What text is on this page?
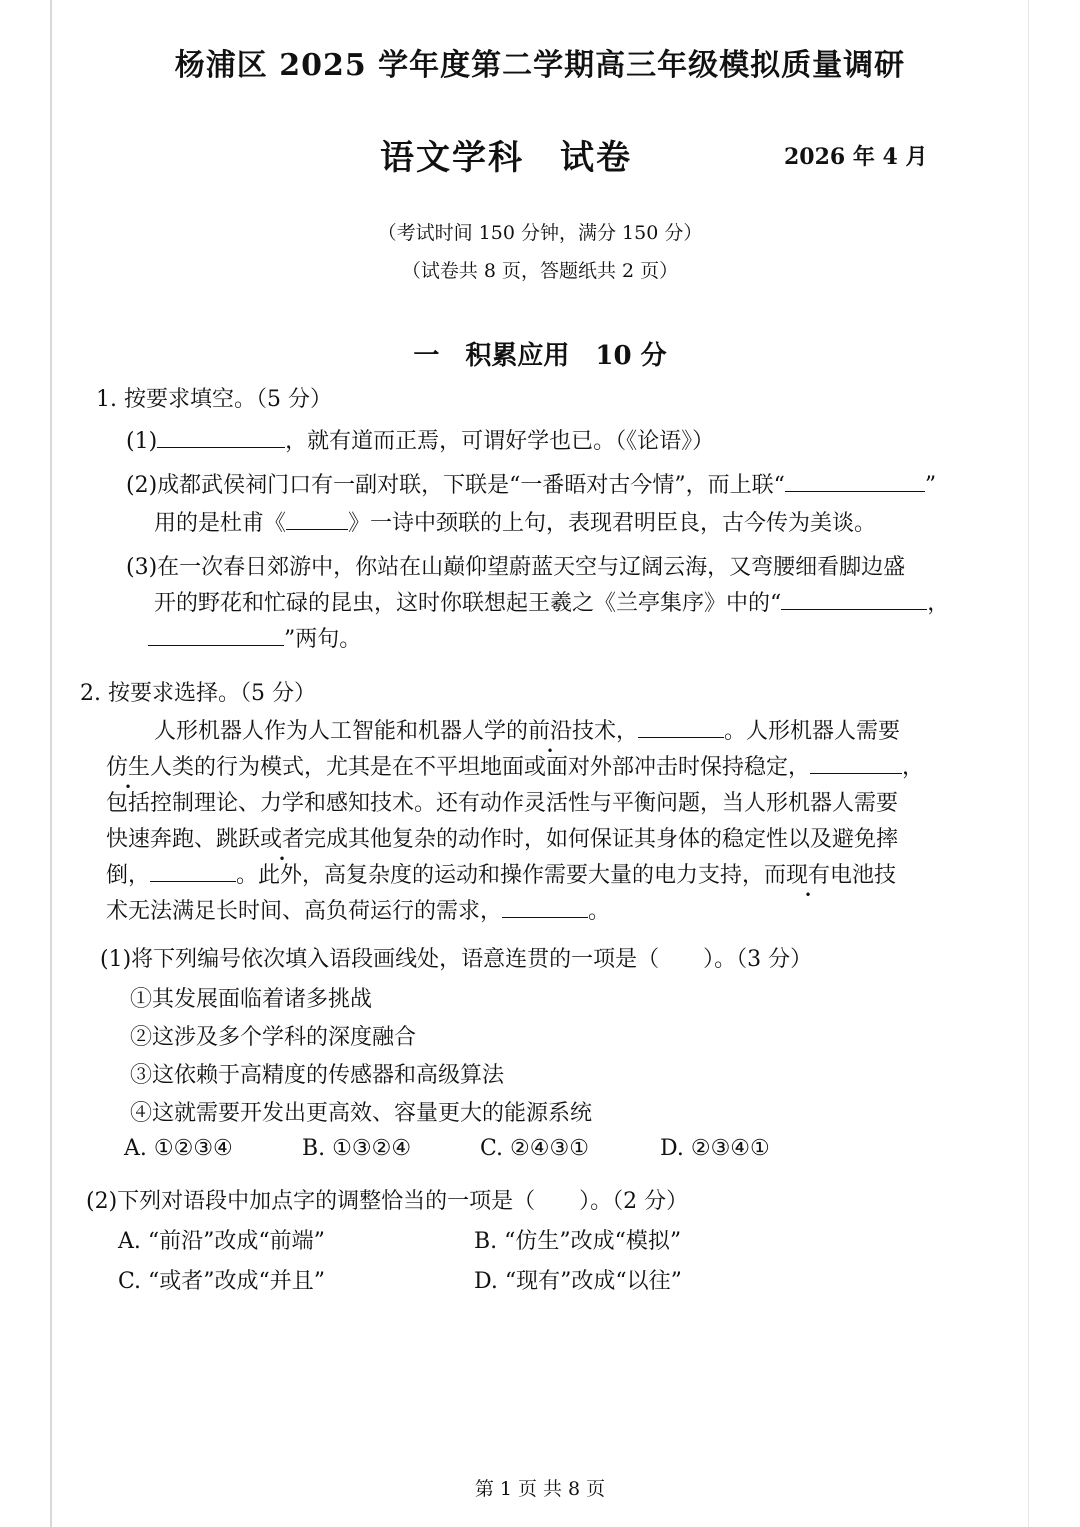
杨浦区 2025 学年度第二学期高三年级模拟质量调研
语文学科　试卷	2026 年 4 月
（考试时间 150 分钟，满分 150 分）
（试卷共 8 页，答题纸共 2 页）
一　积累应用　10 分
1. 按要求填空。（5 分）
(1)	，就有道而正焉，可谓好学也已。（《论语》）
(2)成都武侯祠门口有一副对联，下联是“一番晤对古今情”，而上联“	”
用的是杜甫《	》一诗中颈联的上句，表现君明臣良，古今传为美谈。
(3)在一次春日郊游中，你站在山巅仰望蔚蓝天空与辽阔云海，又弯腰细看脚边盛
开的野花和忙碌的昆虫，这时你联想起王羲之《兰亭集序》中的“	，
”两句。
2. 按要求选择。（5 分）
人形机器人作为人工智能和机器人学的前沿技术，	。人形机器人需要
仿生人类的行为模式，尤其是在不平坦地面或面对外部冲击时保持稳定，	，
包括控制理论、力学和感知技术。还有动作灵活性与平衡问题，当人形机器人需要
快速奔跑、跳跃或者完成其他复杂的动作时，如何保证其身体的稳定性以及避免摔
倒，	。此外，高复杂度的运动和操作需要大量的电力支持，而现有电池技
术无法满足长时间、高负荷运行的需求，	。
(1)将下列编号依次填入语段画线处，语意连贯的一项是（　　）。（3 分）
①其发展面临着诸多挑战
②这涉及多个学科的深度融合
③这依赖于高精度的传感器和高级算法
④这就需要开发出更高效、容量更大的能源系统
A. ①②③④	B. ①③②④	C. ②④③①	D. ②③④①
(2)下列对语段中加点字的调整恰当的一项是（　　）。（2 分）
A. “前沿”改成“前端”	B. “仿生”改成“模拟”
C. “或者”改成“并且”	D. “现有”改成“以往”
第 1 页 共 8 页
